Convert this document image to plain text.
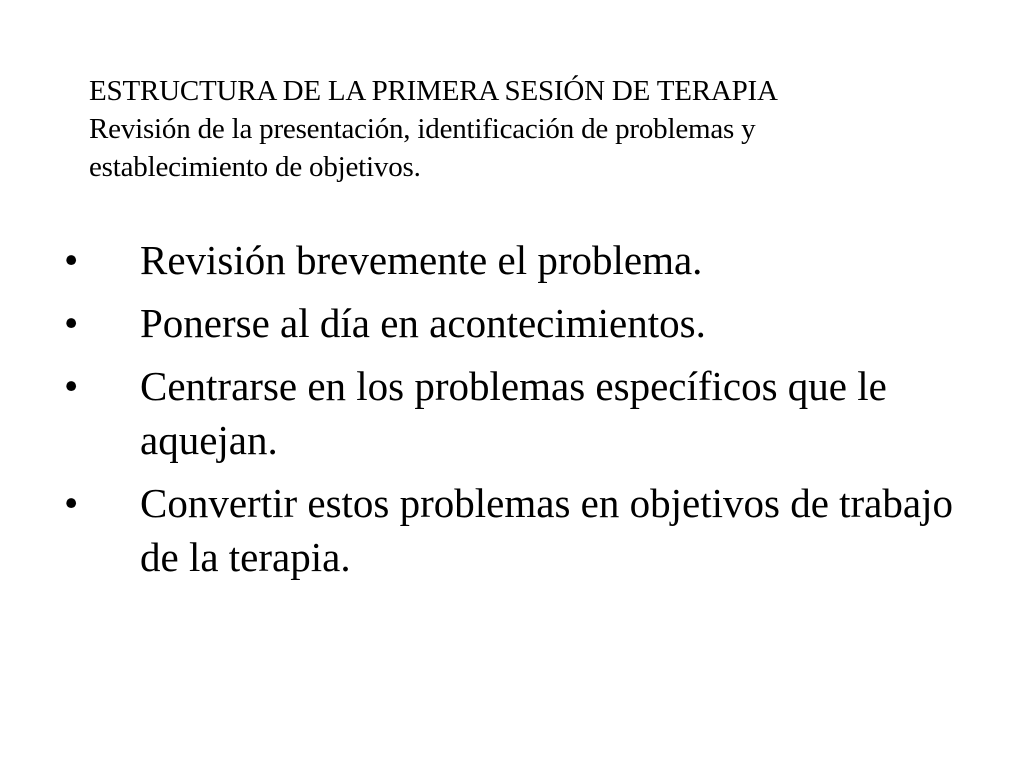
ESTRUCTURA DE LA PRIMERA SESIÓN DE TERAPIA
Revisión de la presentación, identificación de problemas y
establecimiento de objetivos.
•	Revisión brevemente el problema.
•	Ponerse al día en acontecimientos.
•	Centrarse en los problemas específicos que le aquejan.
•	Convertir estos problemas en objetivos de trabajo de la terapia.
